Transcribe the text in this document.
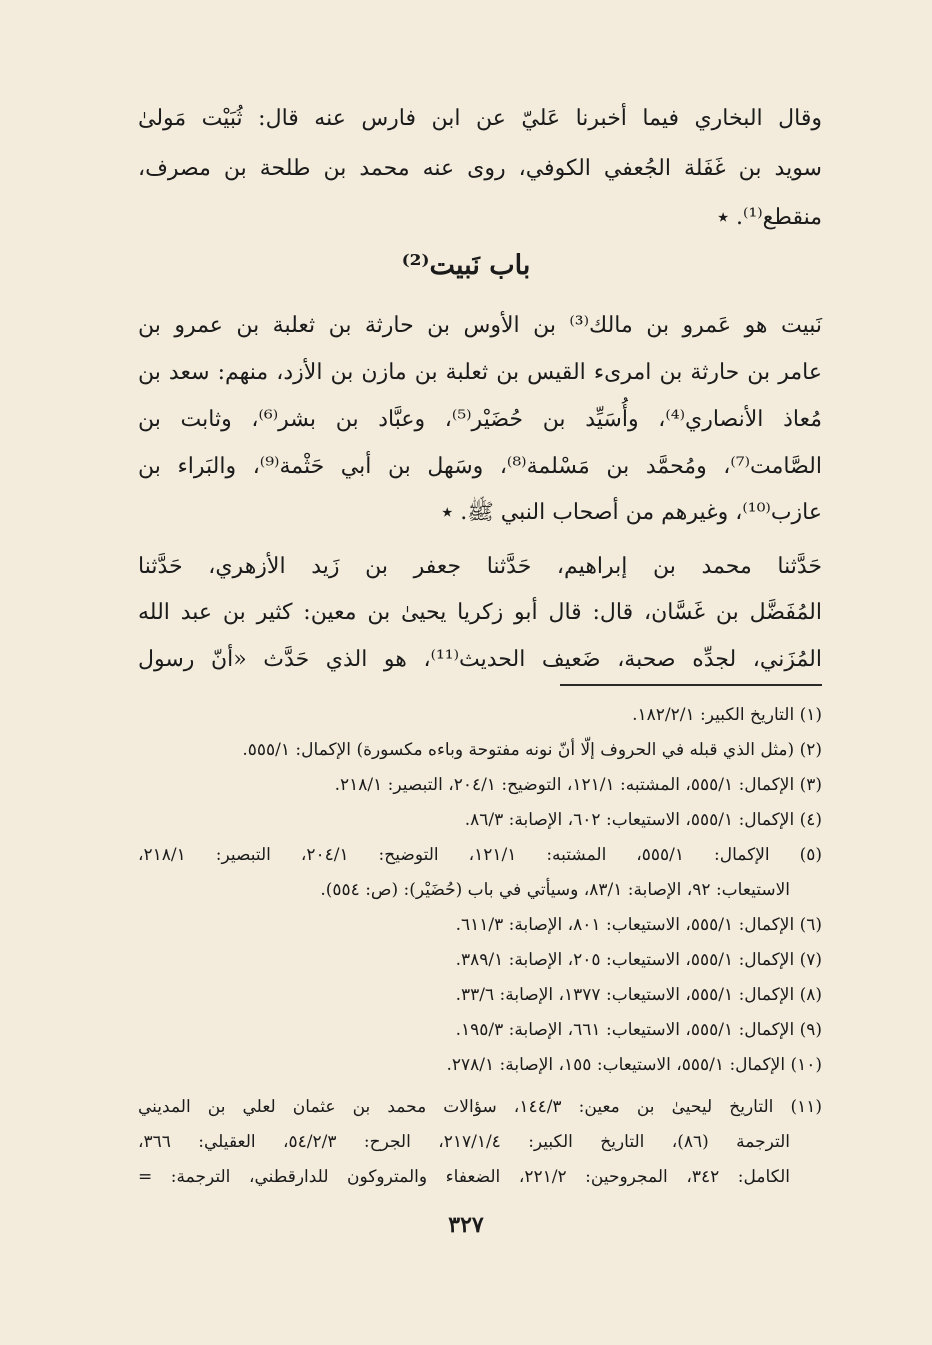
وقال البخاري فيما أخبرنا عَليّ عن ابن فارس عنه قال: ثُبَيْت مَولىٰ
سويد بن غَفَلة الجُعفي الكوفي، روى عنه محمد بن طلحة بن مصرف،
منقطع⁽¹⁾. ٭
باب نَبيت⁽²⁾
نَبيت هو عَمرو بن مالك⁽³⁾ بن الأوس بن حارثة بن ثعلبة بن عمرو بن
عامر بن حارثة بن امرىء القيس بن ثعلبة بن مازن بن الأزد، منهم: سعد بن
مُعاذ الأنصاري⁽⁴⁾، وأُسَيِّد بن حُضَيْر⁽⁵⁾، وعبَّاد بن بشر⁽⁶⁾، وثابت بن
الصَّامت⁽⁷⁾، ومُحمَّد بن مَسْلمة⁽⁸⁾، وسَهل بن أبي حَثْمة⁽⁹⁾، والبَراء بن
عازب⁽¹⁰⁾، وغيرهم من أصحاب النبي ﷺ. ٭
حَدَّثنا محمد بن إبراهيم، حَدَّثنا جعفر بن زَيد الأزهري، حَدَّثنا
المُفَضَّل بن غَسَّان، قال: قال أبو زكريا يحيىٰ بن معين: كثير بن عبد الله
المُزَني، لجدِّه صحبة، ضَعيف الحديث⁽¹¹⁾، هو الذي حَدَّث «أنّ رسول
(١) التاريخ الكبير: ١٨٢/٢/١.
(٢) (مثل الذي قبله في الحروف إلّا أنّ نونه مفتوحة وباءه مكسورة) الإكمال: ٥٥٥/١.
(٣) الإكمال: ٥٥٥/١، المشتبه: ١٢١/١، التوضيح: ٢٠٤/١، التبصير: ٢١٨/١.
(٤) الإكمال: ٥٥٥/١، الاستيعاب: ٦٠٢، الإصابة: ٨٦/٣.
(٥) الإكمال: ٥٥٥/١، المشتبه: ١٢١/١، التوضيح: ٢٠٤/١، التبصير: ٢١٨/١،
الاستيعاب: ٩٢، الإصابة: ٨٣/١، وسيأتي في باب (حُضَيْر): (ص: ٥٥٤).
(٦) الإكمال: ٥٥٥/١، الاستيعاب: ٨٠١، الإصابة: ٦١١/٣.
(٧) الإكمال: ٥٥٥/١، الاستيعاب: ٢٠٥، الإصابة: ٣٨٩/١.
(٨) الإكمال: ٥٥٥/١، الاستيعاب: ١٣٧٧، الإصابة: ٣٣/٦.
(٩) الإكمال: ٥٥٥/١، الاستيعاب: ٦٦١، الإصابة: ١٩٥/٣.
(١٠) الإكمال: ٥٥٥/١، الاستيعاب: ١٥٥، الإصابة: ٢٧٨/١.
(١١) التاريخ ليحيىٰ بن معين: ١٤٤/٣، سؤالات محمد بن عثمان لعلي بن المديني
الترجمة (٨٦)، التاريخ الكبير: ٢١٧/١/٤، الجرح: ٥٤/٢/٣، العقيلي: ٣٦٦،
الكامل: ٣٤٢، المجروحين: ٢٢١/٢، الضعفاء والمتروكون للدارقطني، الترجمة: =
٣٢٧
